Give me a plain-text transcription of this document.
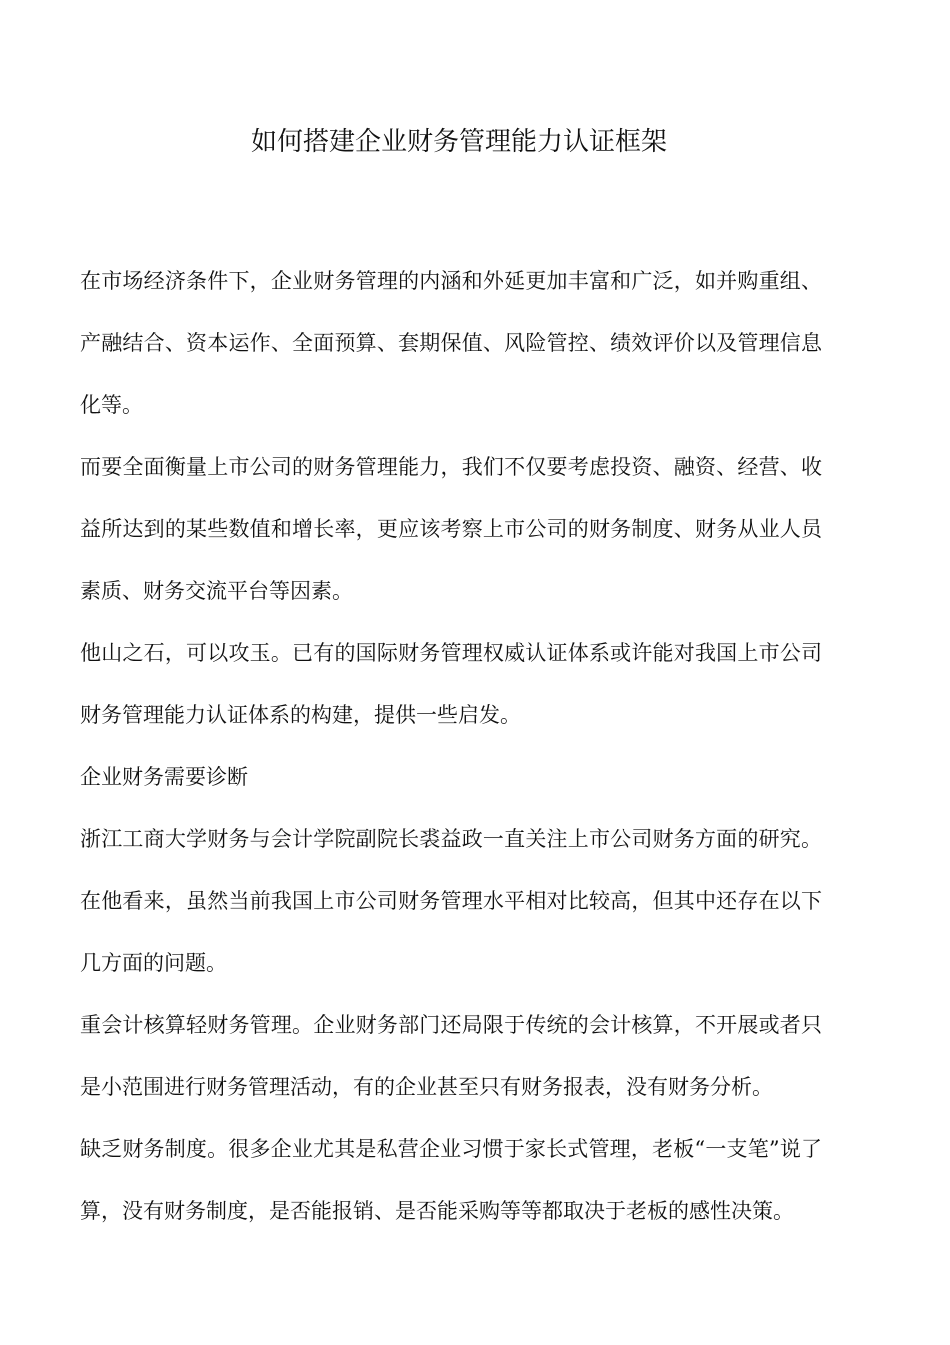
如何搭建企业财务管理能力认证框架

在市场经济条件下，企业财务管理的内涵和外延更加丰富和广泛，如并购重组、产融结合、资本运作、全面预算、套期保值、风险管控、绩效评价以及管理信息化等。

而要全面衡量上市公司的财务管理能力，我们不仅要考虑投资、融资、经营、收益所达到的某些数值和增长率，更应该考察上市公司的财务制度、财务从业人员素质、财务交流平台等因素。

他山之石，可以攻玉。已有的国际财务管理权威认证体系或许能对我国上市公司财务管理能力认证体系的构建，提供一些启发。

企业财务需要诊断

浙江工商大学财务与会计学院副院长裘益政一直关注上市公司财务方面的研究。在他看来，虽然当前我国上市公司财务管理水平相对比较高，但其中还存在以下几方面的问题。

重会计核算轻财务管理。企业财务部门还局限于传统的会计核算，不开展或者只是小范围进行财务管理活动，有的企业甚至只有财务报表，没有财务分析。

缺乏财务制度。很多企业尤其是私营企业习惯于家长式管理，老板“一支笔”说了算，没有财务制度，是否能报销、是否能采购等等都取决于老板的感性决策。
